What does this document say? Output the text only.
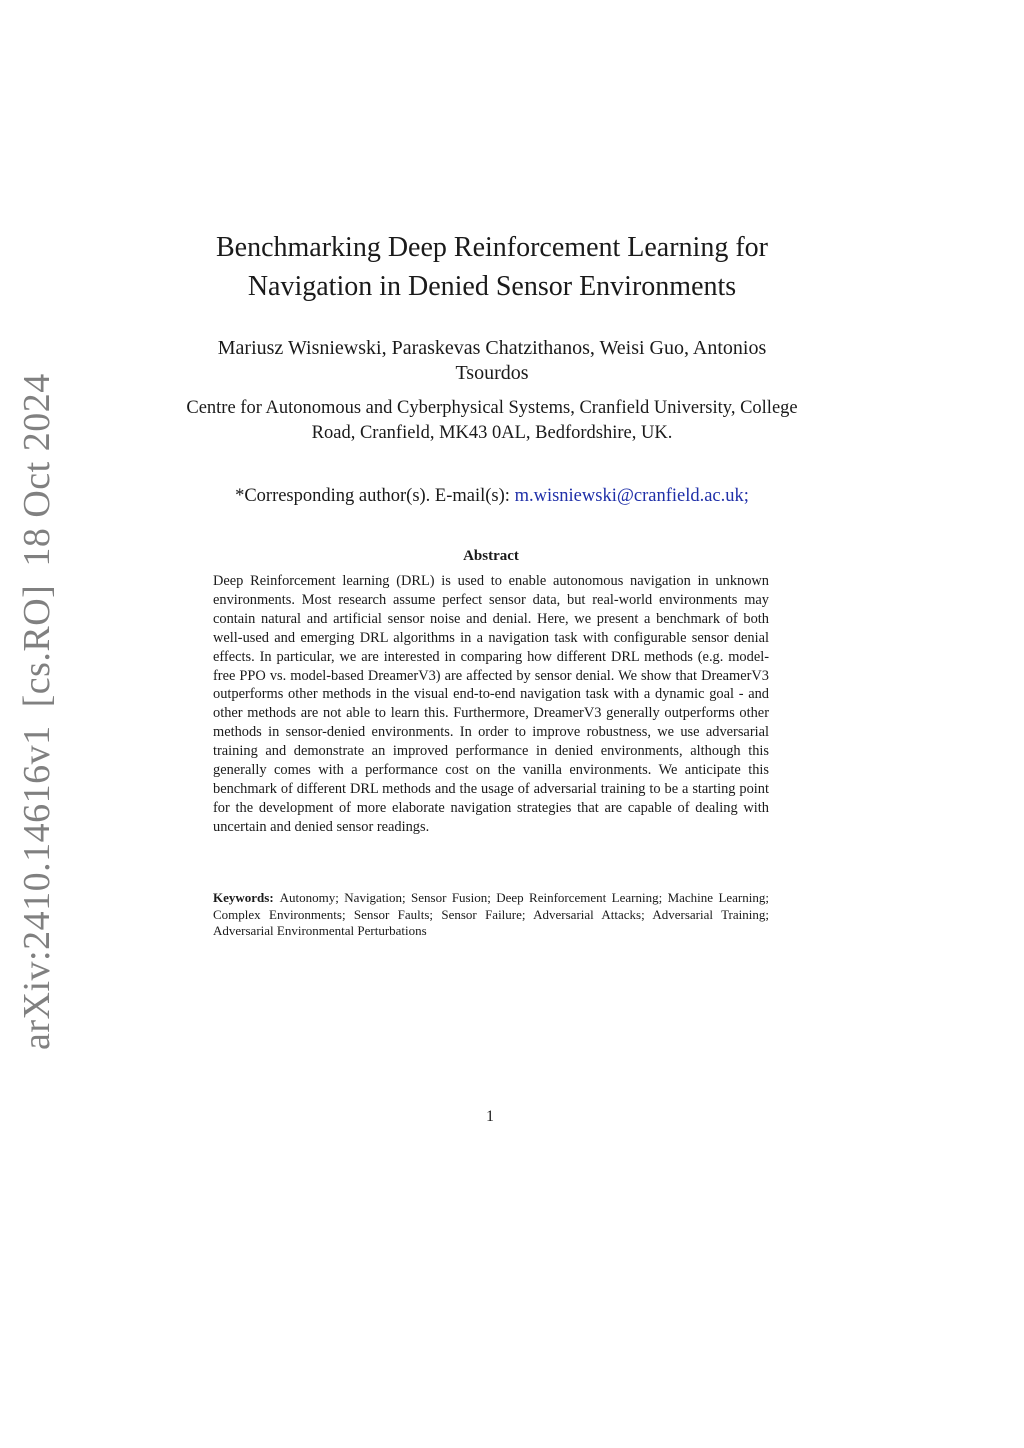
arXiv:2410.14616v1[cs.RO]18 Oct 2024
Benchmarking Deep Reinforcement Learning for Navigation in Denied Sensor Environments
Mariusz Wisniewski, Paraskevas Chatzithanos, Weisi Guo, Antonios Tsourdos
Centre for Autonomous and Cyberphysical Systems, Cranfield University, College Road, Cranfield, MK43 0AL, Bedfordshire, UK.
*Corresponding author(s). E-mail(s): m.wisniewski@cranfield.ac.uk;
Abstract

Deep Reinforcement learning (DRL) is used to enable autonomous navigation in unknown environments. Most research assume perfect sensor data, but real-world environments may contain natural and artificial sensor noise and denial. Here, we present a benchmark of both well-used and emerging DRL algorithms in a navigation task with configurable sensor denial effects. In particular, we are interested in comparing how different DRL methods (e.g. model-free PPO vs. model-based DreamerV3) are affected by sensor denial. We show that DreamerV3 outperforms other methods in the visual end-to-end navigation task with a dynamic goal - and other methods are not able to learn this. Furthermore, DreamerV3 generally outperforms other methods in sensor-denied environments. In order to improve robustness, we use adversarial training and demonstrate an improved performance in denied environments, although this generally comes with a performance cost on the vanilla environments. We anticipate this benchmark of different DRL methods and the usage of adversarial training to be a starting point for the development of more elaborate navigation strategies that are capable of dealing with uncertain and denied sensor readings.

Keywords: Autonomy; Navigation; Sensor Fusion; Deep Reinforcement Learning; Machine Learning; Complex Environments; Sensor Faults; Sensor Failure; Adversarial Attacks; Adversarial Training; Adversarial Environmental Perturbations

1
